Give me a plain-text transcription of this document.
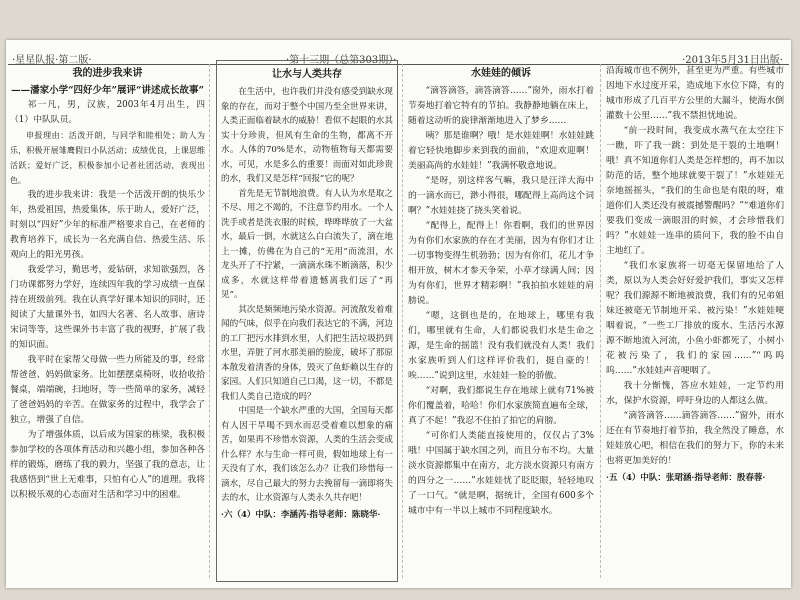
·星星队报·第二版·	·第十三期（总第303期）·	·2013年5月31日出版·
我的进步我来讲
——潘家小学“四好少年”展评“讲述成长故事”

祁一凡，男，汉族，2003年4月出生，四（1）中队队员。

申报理由：活泼开朗，与同学和睦相处；助人为乐，积极开展雏鹰假日小队活动；成绩优良，上课思维活跃；爱好广泛，积极参加小记者社团活动，表现出色。

我的进步我来讲：我是一个活泼开朗的快乐少年，热爱祖国，热爱集体，乐于助人，爱好广泛，时刻以“四好”少年的标准严格要求自己，在老师的教育培养下，成长为一名充满自信、热爱生活、乐观向上的阳光男孩。

我爱学习，勤思考，爱钻研，求知欲强烈，各门功课都努力学好，连续四年我的学习成绩一直保持在班级前列。我在认真学好课本知识的同时，还阅读了大量课外书，如四大名著、名人故事、唐诗宋词等等，这些课外书丰富了我的视野，扩展了我的知识面。

我平时在家帮父母做一些力所能及的事，经常帮爸爸、妈妈做家务。比如摆摆桌椅呀，收拾收拾餐桌，端端碗，扫地呀，等一些简单的家务，减轻了爸爸妈妈的辛苦。在做家务的过程中，我学会了独立，增强了自信。

为了增强体质，以后成为国家的栋梁，我积极参加学校的各项体育活动和兴趣小组，参加各种各样的锻炼，磨练了我的毅力，坚强了我的意志，让我感悟到“世上无难事，只怕有心人”的道理。我将以积极乐观的心态面对生活和学习中的困难。

让水与人类共存

在生活中，也许我们并没有感受到缺水现象的存在，而对于整个中国乃至全世界来讲，人类正面临着缺水的威胁！看似不起眼的水其实十分珍贵，但风有生命的生物，都离不开水。人体的70%是水，动物植物每天都需要水，可见，水是多么的重要！而面对如此珍贵的水，我们又是怎样“回报”它的呢？

首先是无节制地浪费。有人认为水是取之不尽、用之不竭的，不注意节约用水。一个人洗手或者是洗衣服的时候，哗哗哗放了一大盆水，最后一倒，水就这么白白流失了，滴在地上一摊，仿佛在为自己的“无用”而流泪，水龙头开了不拧紧，一滴滴水珠不断滴落，积少成多，水就这样带着遗憾离我们远了“再见”。

其次是频频地污染水资源。河流散发着难闻的气味，似乎在向我们表达它的不满，河边的工厂把污水排到水里，人们把生活垃圾扔到水里，弄脏了河水那美丽的脸庞，破坏了那原本散发着清香的身体，毁灭了鱼虾赖以生存的家园。人们只知道自己口渴，这一切，不都是我们人类自己造成的吗？

中国是一个缺水严重的大国，全国每天都有人因干旱喝不到水而忍受着难以想象的痛苦，如果再不珍惜水资源，人类的生活会变成什么样？水与生命一样可贵，假如地球上有一天没有了水，我们该怎么办？让我们珍惜每一滴水，尽自己最大的努力去挽留每一滴即将失去的水，让水资源与人类永久共存吧！

·六（4）中队：李涵芮·指导老师：陈晓华·
水娃娃的倾诉

“滴答滴答，滴答滴答……”窗外，雨水打着节奏地打着它特有的节拍。我静静地躺在床上，随着这动听的旋律渐渐地进入了梦乡……

咦？那是谁啊？哦！是水娃娃啊！水娃娃跳着它轻快地脚步来到我的面前，“欢迎欢迎啊！美丽高尚的水娃娃！”我满怀敬意地说。

“是呀，别这样客气嘛，我只是汪洋大海中的一滴水而已，渺小得很，哪配得上高尚这个词啊？”水娃娃挠了挠头笑着说。

“配得上，配得上！你看啊，我们的世界因为有你们水家族的存在才美丽，因为有你们才让一切事物变得生机勃勃；因为有你们，花儿才争相开放，树木才参天争荣，小草才绿满人间；因为有你们，世界才精彩啊！”我拍拍水娃娃的肩膀说。

“嗯，这倒也是的，在地球上，哪里有我们，哪里就有生命，人们都说我们水是生命之源，是生命的摇篮！没有我们就没有人类！我们水家族听到人们这样评价我们，挺自豪的！唉……”说到这里，水娃娃一脸的骄傲。

“对啊，我们都说生存在地球上就有71%被你们覆盖着，哈哈！你们水家族简直遍布全球，真了不起！”我忍不住拍了拍它的肩膀。

“可你们人类能直接使用的，仅仅占了3%哦！中国属于缺水国之列，而且分布不均。大量淡水资源都集中在南方，北方淡水资源只有南方的四分之一……”水娃娃忧了眨眨眼，轻轻地叹了一口气。“就是啊，据统计，全国有600多个城市中有一半以上城市不同程度缺水。

沿海城市也不例外，甚至更为严重。有些城市因地下水过度开采，造成地下水位下降，有的城市形成了几百平方公里的大漏斗，使海水倒灌数十公里……”我不禁担忧地说。

“前一段时间，我变成水蒸气在太空往下一瞧，吓了我一跳：到处是干裂的土地啊！哦！真不知道你们人类是怎样想的，再不加以防范的话，整个地球就要干裂了！”水娃娃无奈地摇摇头，“我们的生命也是有限的呀，难道你们人类还没有被震撼警醒吗？”“难道你们要我们变成一滴眼泪的时候，才会珍惜我们吗？”水娃娃一连串的质问下，我的脸不由自主地红了。

“我们水家族将一切毫无保留地给了人类，原以为人类会好好爱护我们，事实又怎样呢？我们源源不断地被浪费，我们有的兄弟姐妹还被毫无节制地开采、被污染！”水娃娃哽咽着说，“一些工厂排放的废水、生活污水源源不断地流入河流，小鱼小虾都死了，小树小花被污染了，我们的家园……”“呜呜呜……”水娃娃声音哽咽了。

我十分惭愧，答应水娃娃，一定节约用水，保护水资源，呼吁身边的人都这么做。

“滴答滴答……滴答滴答……”窗外，雨水还在有节奏地打着节拍，我全然没了睡意，水娃娃放心吧，相信在我们的努力下，你的未来也将更加美好的！

·五（4）中队：张珺涵·指导老师：殷春蓉·
